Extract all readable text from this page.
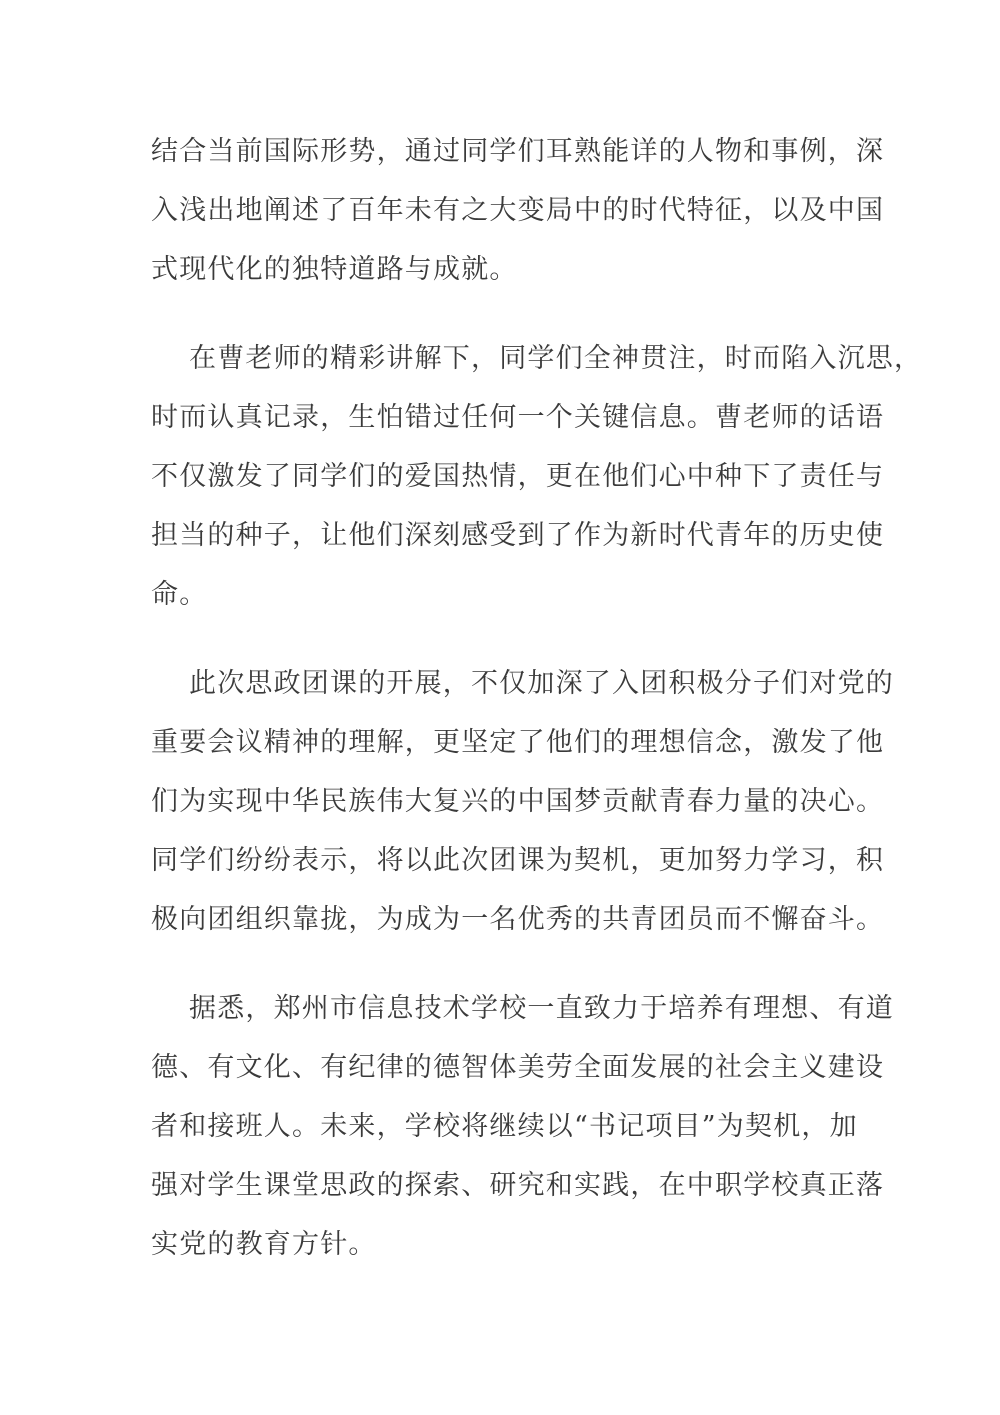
结合当前国际形势，通过同学们耳熟能详的人物和事例，深
入浅出地阐述了百年未有之大变局中的时代特征，以及中国
式现代化的独特道路与成就。
在曹老师的精彩讲解下，同学们全神贯注，时而陷入沉思，
时而认真记录，生怕错过任何一个关键信息。曹老师的话语
不仅激发了同学们的爱国热情，更在他们心中种下了责任与
担当的种子，让他们深刻感受到了作为新时代青年的历史使
命。
此次思政团课的开展，不仅加深了入团积极分子们对党的
重要会议精神的理解，更坚定了他们的理想信念，激发了他
们为实现中华民族伟大复兴的中国梦贡献青春力量的决心。
同学们纷纷表示，将以此次团课为契机，更加努力学习，积
极向团组织靠拢，为成为一名优秀的共青团员而不懈奋斗。
据悉，郑州市信息技术学校一直致力于培养有理想、有道
德、有文化、有纪律的德智体美劳全面发展的社会主义建设
者和接班人。未来，学校将继续以“书记项目”为契机，加
强对学生课堂思政的探索、研究和实践，在中职学校真正落
实党的教育方针。
